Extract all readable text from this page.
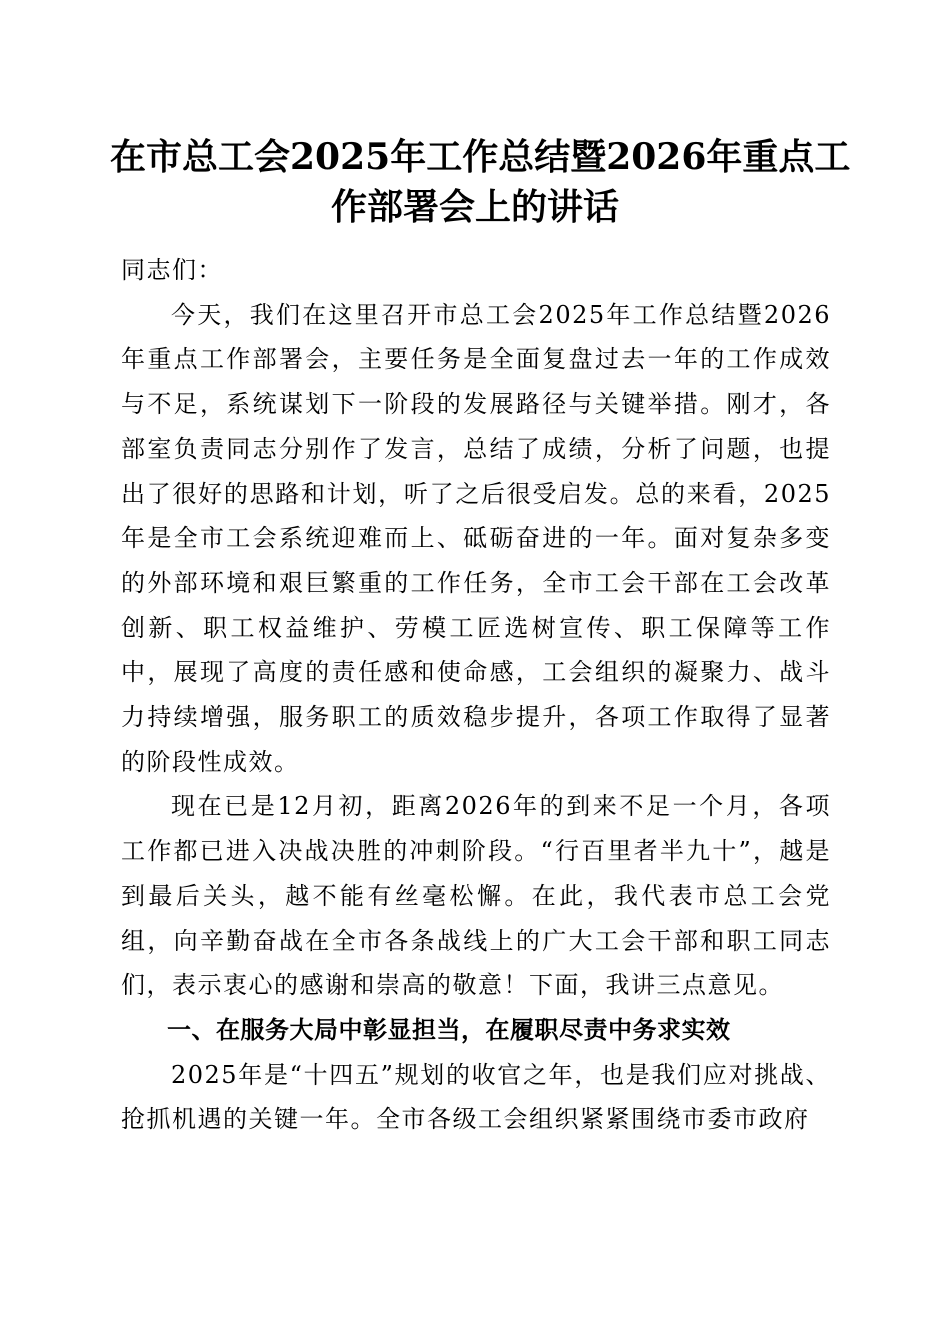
在市总工会2025年工作总结暨2026年重点工
作部署会上的讲话

同志们：

今天，我们在这里召开市总工会2025年工作总结暨2026年重点工作部署会，主要任务是全面复盘过去一年的工作成效与不足，系统谋划下一阶段的发展路径与关键举措。刚才，各部室负责同志分别作了发言，总结了成绩，分析了问题，也提出了很好的思路和计划，听了之后很受启发。总的来看，2025年是全市工会系统迎难而上、砥砺奋进的一年。面对复杂多变的外部环境和艰巨繁重的工作任务，全市工会干部在工会改革创新、职工权益维护、劳模工匠选树宣传、职工保障等工作中，展现了高度的责任感和使命感，工会组织的凝聚力、战斗力持续增强，服务职工的质效稳步提升，各项工作取得了显著的阶段性成效。

现在已是12月初，距离2026年的到来不足一个月，各项工作都已进入决战决胜的冲刺阶段。“行百里者半九十”，越是到最后关头，越不能有丝毫松懈。在此，我代表市总工会党组，向辛勤奋战在全市各条战线上的广大工会干部和职工同志们，表示衷心的感谢和崇高的敬意！下面，我讲三点意见。

一、在服务大局中彰显担当，在履职尽责中务求实效

2025年是“十四五”规划的收官之年，也是我们应对挑战、抢抓机遇的关键一年。全市各级工会组织紧紧围绕市委市政府
